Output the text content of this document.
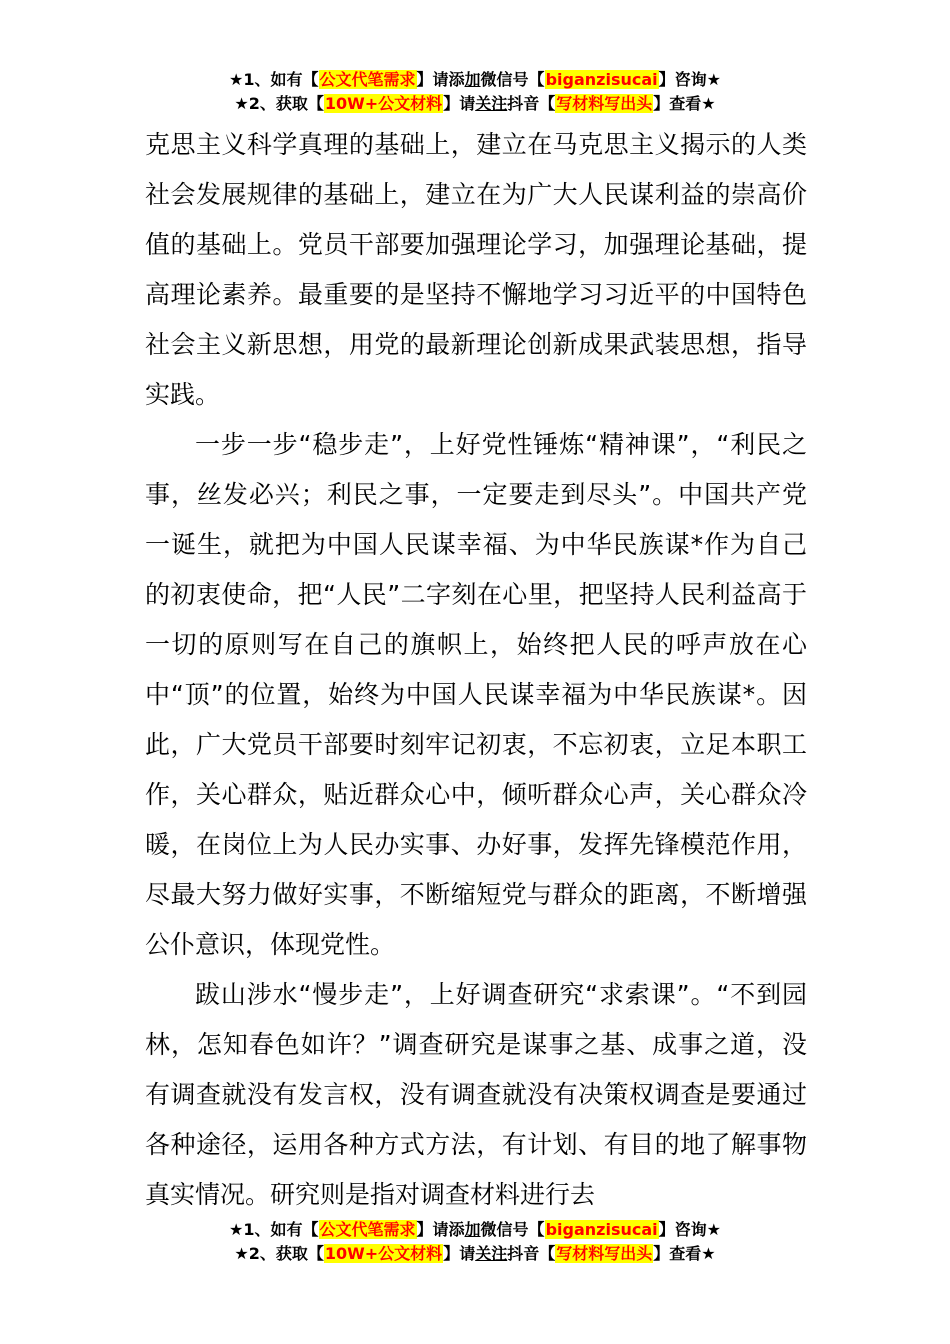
★1、如有【公文代笔需求】请添加微信号【biganzisucai】咨询★
★2、获取【10W+公文材料】请关注抖音【写材料写出头】查看★

克思主义科学真理的基础上，建立在马克思主义揭示的人类社会发展规律的基础上，建立在为广大人民谋利益的崇高价值的基础上。党员干部要加强理论学习，加强理论基础，提高理论素养。最重要的是坚持不懈地学习习近平的中国特色社会主义新思想，用党的最新理论创新成果武装思想，指导实践。

一步一步“稳步走”，上好党性锤炼“精神课”，“利民之事，丝发必兴；利民之事，一定要走到尽头”。中国共产党一诞生，就把为中国人民谋幸福、为中华民族谋*作为自己的初衷使命，把“人民”二字刻在心里，把坚持人民利益高于一切的原则写在自己的旗帜上，始终把人民的呼声放在心中“顶”的位置，始终为中国人民谋幸福为中华民族谋*。因此，广大党员干部要时刻牢记初衷，不忘初衷，立足本职工作，关心群众，贴近群众心中，倾听群众心声，关心群众冷暖，在岗位上为人民办实事、办好事，发挥先锋模范作用，尽最大努力做好实事，不断缩短党与群众的距离，不断增强公仆意识，体现党性。

跋山涉水“慢步走”，上好调查研究“求索课”。“不到园林，怎知春色如许？”调查研究是谋事之基、成事之道，没有调查就没有发言权，没有调查就没有决策权调查是要通过各种途径，运用各种方式方法，有计划、有目的地了解事物真实情况。研究则是指对调查材料进行去

★1、如有【公文代笔需求】请添加微信号【biganzisucai】咨询★
★2、获取【10W+公文材料】请关注抖音【写材料写出头】查看★
